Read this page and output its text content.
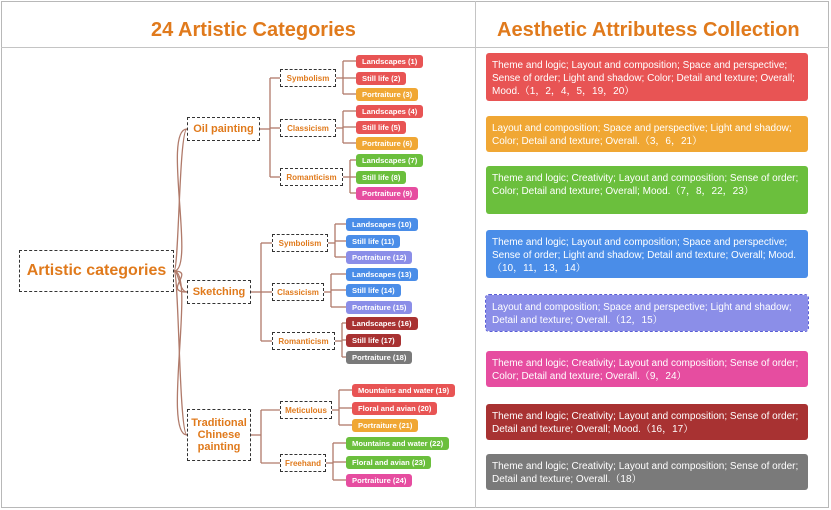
24 Artistic Categories	Aesthetic Attributess Collection
Artistic categories
Oil painting
Symbolism
Landscapes (1)
Still life (2)
Portraiture (3)
Classicism
Landscapes (4)
Still life (5)
Portraiture (6)
Romanticism
Landscapes (7)
Still life (8)
Portraiture (9)
Sketching
Symbolism
Landscapes (10)
Still life (11)
Portraiture (12)
Classicism
Landscapes (13)
Still life (14)
Portraiture (15)
Romanticism
Landscapes (16)
Still life (17)
Portraiture (18)
Traditional Chinese painting
Meticulous
Mountains and water (19)
Floral and avian (20)
Portraiture (21)
Freehand
Mountains and water (22)
Floral and avian (23)
Portraiture (24)
Theme and logic; Layout and composition; Space and perspective; Sense of order; Light and shadow; Color; Detail and texture; Overall; Mood.（1，2，4，5，19，20）
Layout and composition; Space and perspective; Light and shadow; Color; Detail and texture; Overall.（3，6，21）
Theme and logic; Creativity; Layout and composition; Sense of order; Color; Detail and texture; Overall; Mood.（7，8，22，23）
Theme and logic; Layout and composition; Space and perspective; Sense of order; Light and shadow; Detail and texture; Overall; Mood.（10，11，13，14）
Layout and composition; Space and perspective; Light and shadow; Detail and texture; Overall.（12，15）
Theme and logic; Creativity; Layout and composition; Sense of order; Color; Detail and texture; Overall.（9，24）
Theme and logic; Creativity; Layout and composition; Sense of order; Detail and texture; Overall; Mood.（16，17）
Theme and logic; Creativity; Layout and composition; Sense of order; Detail and texture; Overall.（18）
